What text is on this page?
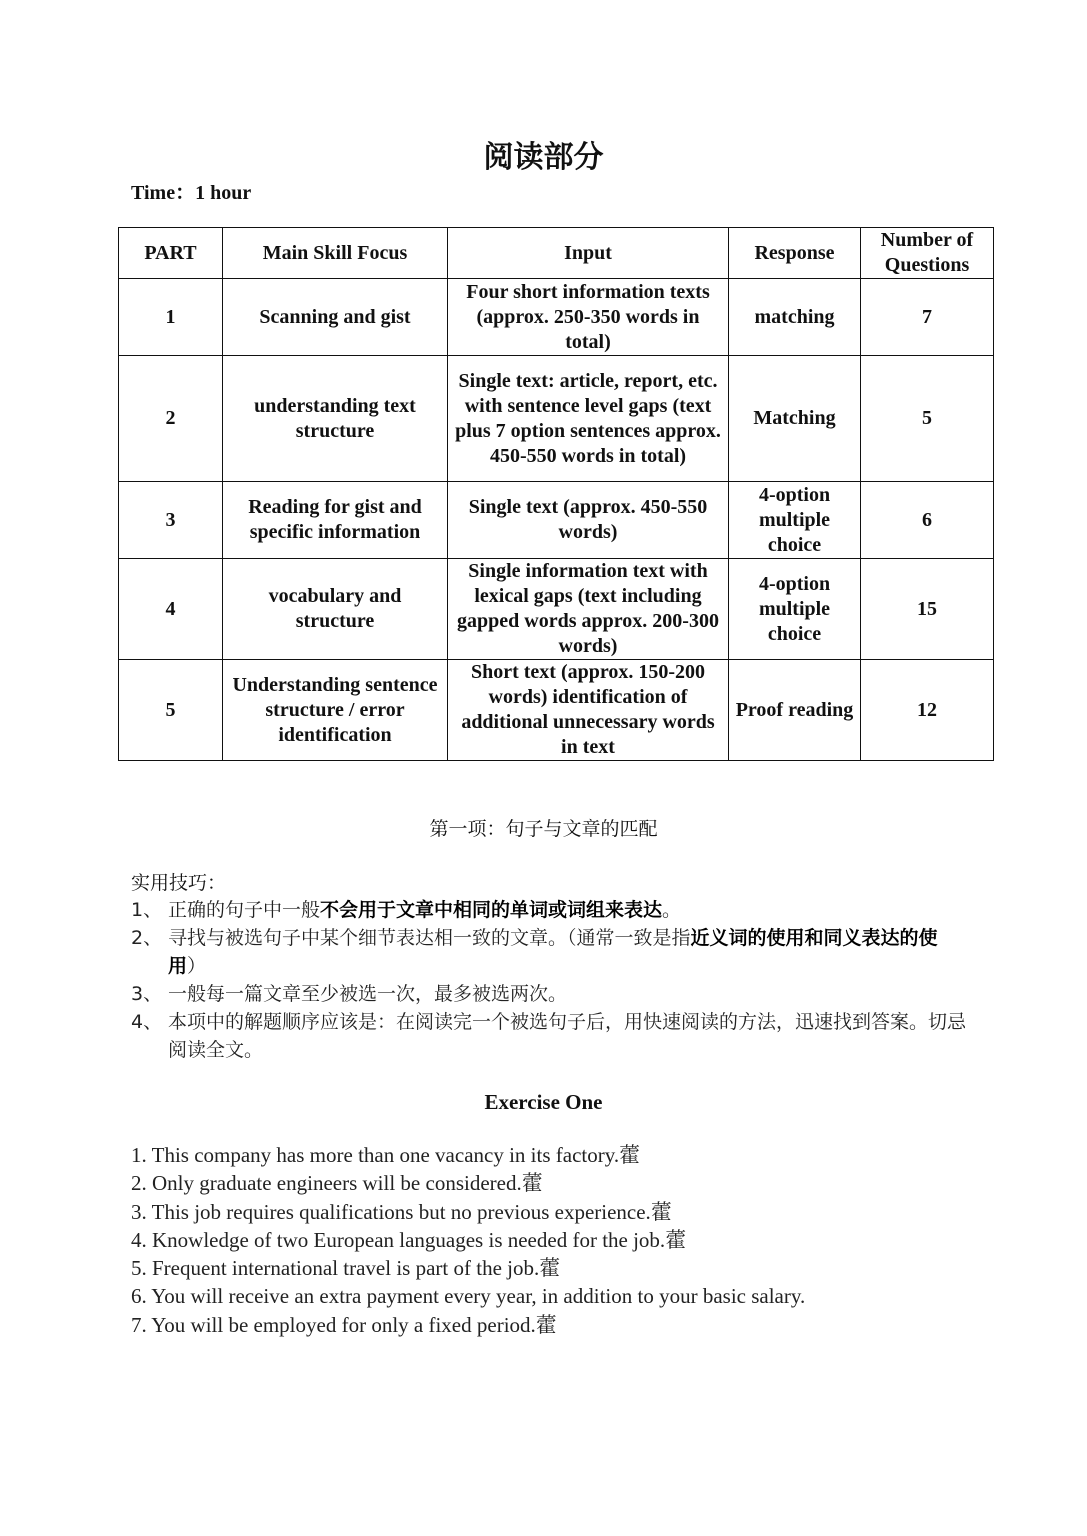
阅读部分
Time：1 hour
PART	Main Skill Focus	Input	Response	Number of Questions
1	Scanning and gist	Four short information texts (approx. 250-350 words in total)	matching	7
2	understanding text structure	Single text: article, report, etc. with sentence level gaps (text plus 7 option sentences approx. 450-550 words in total)	Matching	5
3	Reading for gist and specific information	Single text (approx. 450-550 words)	4-option multiple choice	6
4	vocabulary and structure	Single information text with lexical gaps (text including gapped words approx. 200-300 words)	4-option multiple choice	15
5	Understanding sentence structure / error identification	Short text (approx. 150-200 words) identification of additional unnecessary words in text	Proof reading	12
第一项：句子与文章的匹配
实用技巧：
1、 正确的句子中一般不会用于文章中相同的单词或词组来表达。
2、 寻找与被选句子中某个细节表达相一致的文章。（通常一致是指近义词的使用和同义表达的使用）
3、 一般每一篇文章至少被选一次，最多被选两次。
4、 本项中的解题顺序应该是：在阅读完一个被选句子后，用快速阅读的方法，迅速找到答案。切忌阅读全文。
Exercise One
1. This company has more than one vacancy in its factory.藿
2. Only graduate engineers will be considered.藿
3. This job requires qualifications but no previous experience.藿
4. Knowledge of two European languages is needed for the job.藿
5. Frequent international travel is part of the job.藿
6. You will receive an extra payment every year, in addition to your basic salary.
7. You will be employed for only a fixed period.藿
